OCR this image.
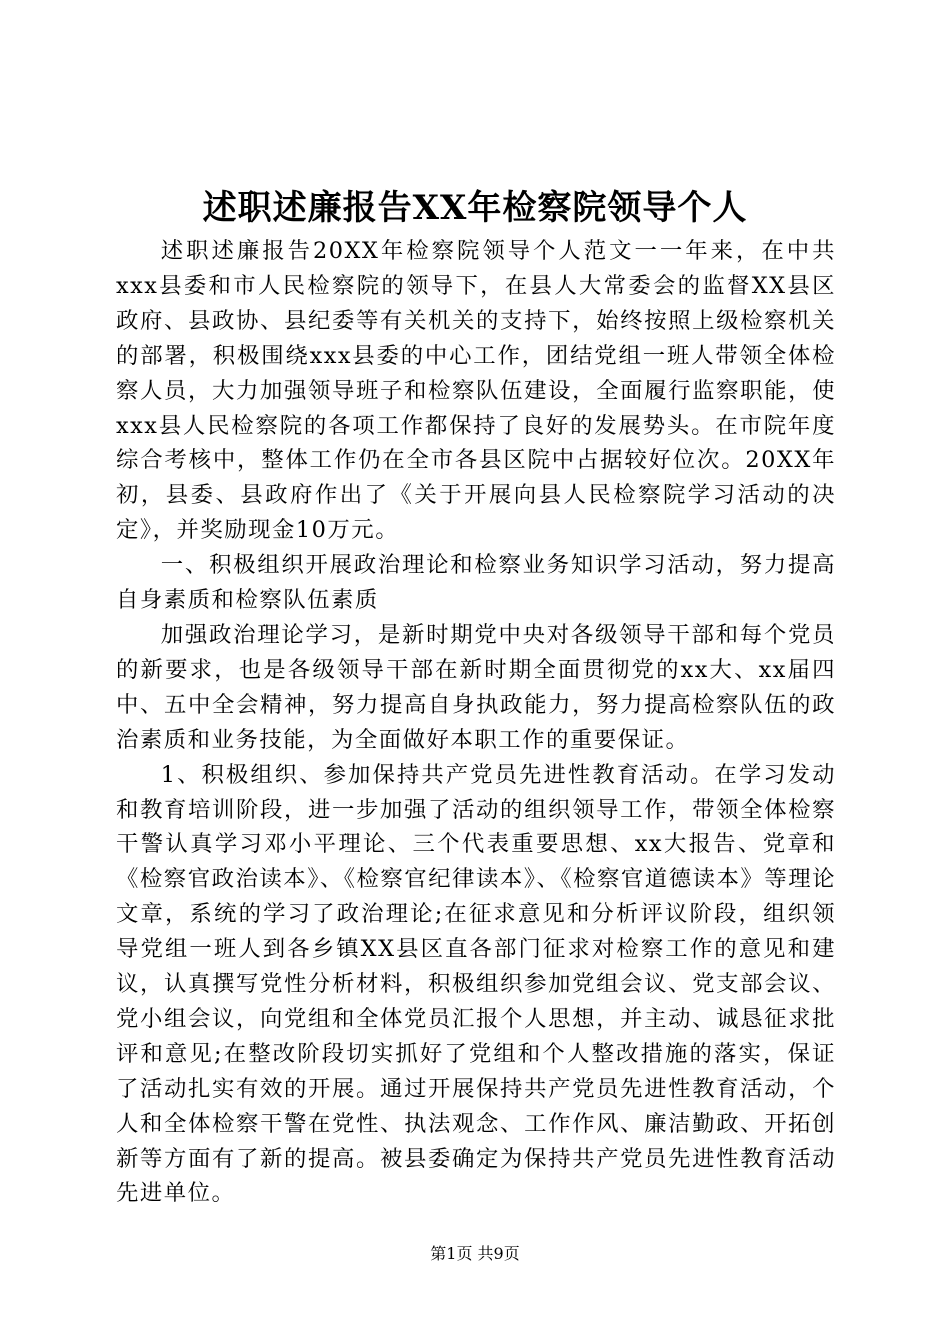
述职述廉报告XX年检察院领导个人

述职述廉报告20XX年检察院领导个人范文一一年来，在中共xxx县委和市人民检察院的领导下，在县人大常委会的监督XX县区政府、县政协、县纪委等有关机关的支持下，始终按照上级检察机关的部署，积极围绕xxx县委的中心工作，团结党组一班人带领全体检察人员，大力加强领导班子和检察队伍建设，全面履行监察职能，使xxx县人民检察院的各项工作都保持了良好的发展势头。在市院年度综合考核中，整体工作仍在全市各县区院中占据较好位次。20XX年初，县委、县政府作出了《关于开展向县人民检察院学习活动的决定》，并奖励现金10万元。

一、积极组织开展政治理论和检察业务知识学习活动，努力提高自身素质和检察队伍素质

加强政治理论学习，是新时期党中央对各级领导干部和每个党员的新要求，也是各级领导干部在新时期全面贯彻党的xx大、xx届四中、五中全会精神，努力提高自身执政能力，努力提高检察队伍的政治素质和业务技能，为全面做好本职工作的重要保证。

1、积极组织、参加保持共产党员先进性教育活动。在学习发动和教育培训阶段，进一步加强了活动的组织领导工作，带领全体检察干警认真学习邓小平理论、三个代表重要思想、xx大报告、党章和《检察官政治读本》、《检察官纪律读本》、《检察官道德读本》等理论文章，系统的学习了政治理论;在征求意见和分析评议阶段，组织领导党组一班人到各乡镇XX县区直各部门征求对检察工作的意见和建议，认真撰写党性分析材料，积极组织参加党组会议、党支部会议、党小组会议，向党组和全体党员汇报个人思想，并主动、诚恳征求批评和意见;在整改阶段切实抓好了党组和个人整改措施的落实，保证了活动扎实有效的开展。通过开展保持共产党员先进性教育活动，个人和全体检察干警在党性、执法观念、工作作风、廉洁勤政、开拓创新等方面有了新的提高。被县委确定为保持共产党员先进性教育活动先进单位。

第1页 共9页
